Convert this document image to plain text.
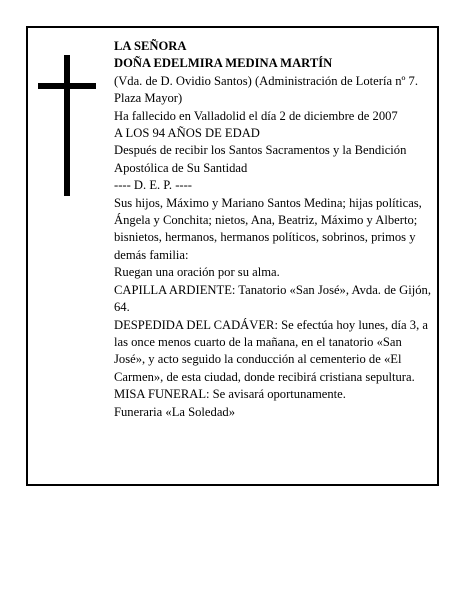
LA SEÑORA

DOÑA EDELMIRA MEDINA MARTÍN

(Vda. de D. Ovidio Santos) (Administración de Lotería nº 7. Plaza Mayor)

Ha fallecido en Valladolid el día 2 de diciembre de 2007

A LOS 94 AÑOS DE EDAD

Después de recibir los Santos Sacramentos y la Bendición Apostólica de Su Santidad

---- D. E. P. ----

Sus hijos, Máximo y Mariano Santos Medina; hijas políticas, Ángela y Conchita; nietos, Ana, Beatriz, Máximo y Alberto; bisnietos, hermanos, hermanos políticos, sobrinos, primos y demás familia:

Ruegan una oración por su alma.

CAPILLA ARDIENTE: Tanatorio «San José», Avda. de Gijón, 64.

DESPEDIDA DEL CADÁVER: Se efectúa hoy lunes, día 3, a las once menos cuarto de la mañana, en el tanatorio «San José», y acto seguido la conducción al cementerio de «El Carmen», de esta ciudad, donde recibirá cristiana sepultura.

MISA FUNERAL: Se avisará oportunamente.

Funeraria «La Soledad»
